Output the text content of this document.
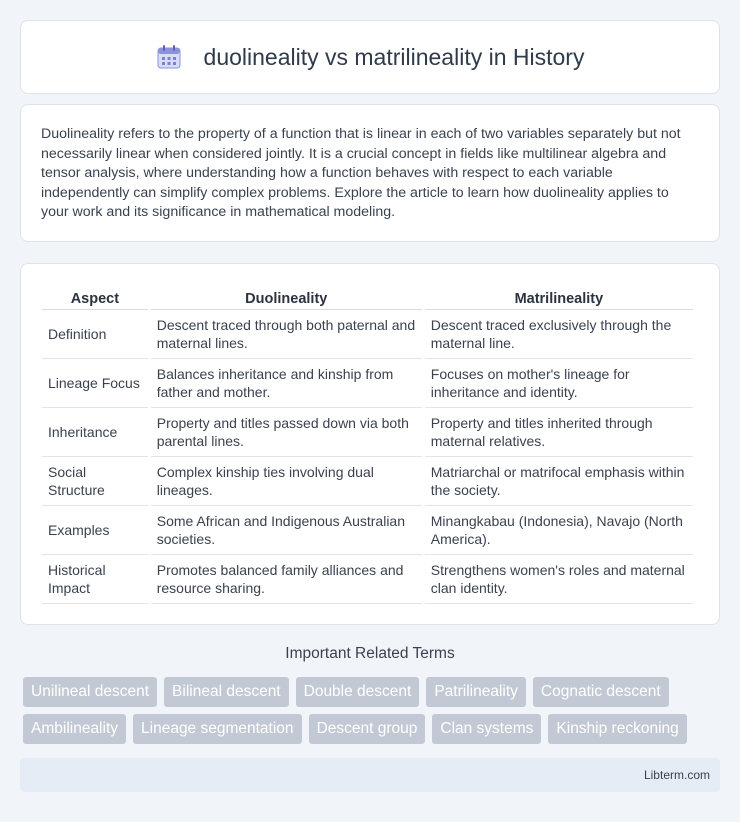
duolineality vs matrilineality in History

Duolineality refers to the property of a function that is linear in each of two variables separately but not necessarily linear when considered jointly. It is a crucial concept in fields like multilinear algebra and tensor analysis, where understanding how a function behaves with respect to each variable independently can simplify complex problems. Explore the article to learn how duolineality applies to your work and its significance in mathematical modeling.

Aspect	Duolineality	Matrilineality
Definition	Descent traced through both paternal and maternal lines.	Descent traced exclusively through the maternal line.
Lineage Focus	Balances inheritance and kinship from father and mother.	Focuses on mother's lineage for inheritance and identity.
Inheritance	Property and titles passed down via both parental lines.	Property and titles inherited through maternal relatives.
Social Structure	Complex kinship ties involving dual lineages.	Matriarchal or matrifocal emphasis within the society.
Examples	Some African and Indigenous Australian societies.	Minangkabau (Indonesia), Navajo (North America).
Historical Impact	Promotes balanced family alliances and resource sharing.	Strengthens women's roles and maternal clan identity.
Important Related Terms
Unilineal descent	Bilineal descent	Double descent	Patrilineality	Cognatic descent
Ambilineality	Lineage segmentation	Descent group	Clan systems	Kinship reckoning
Libterm.com
